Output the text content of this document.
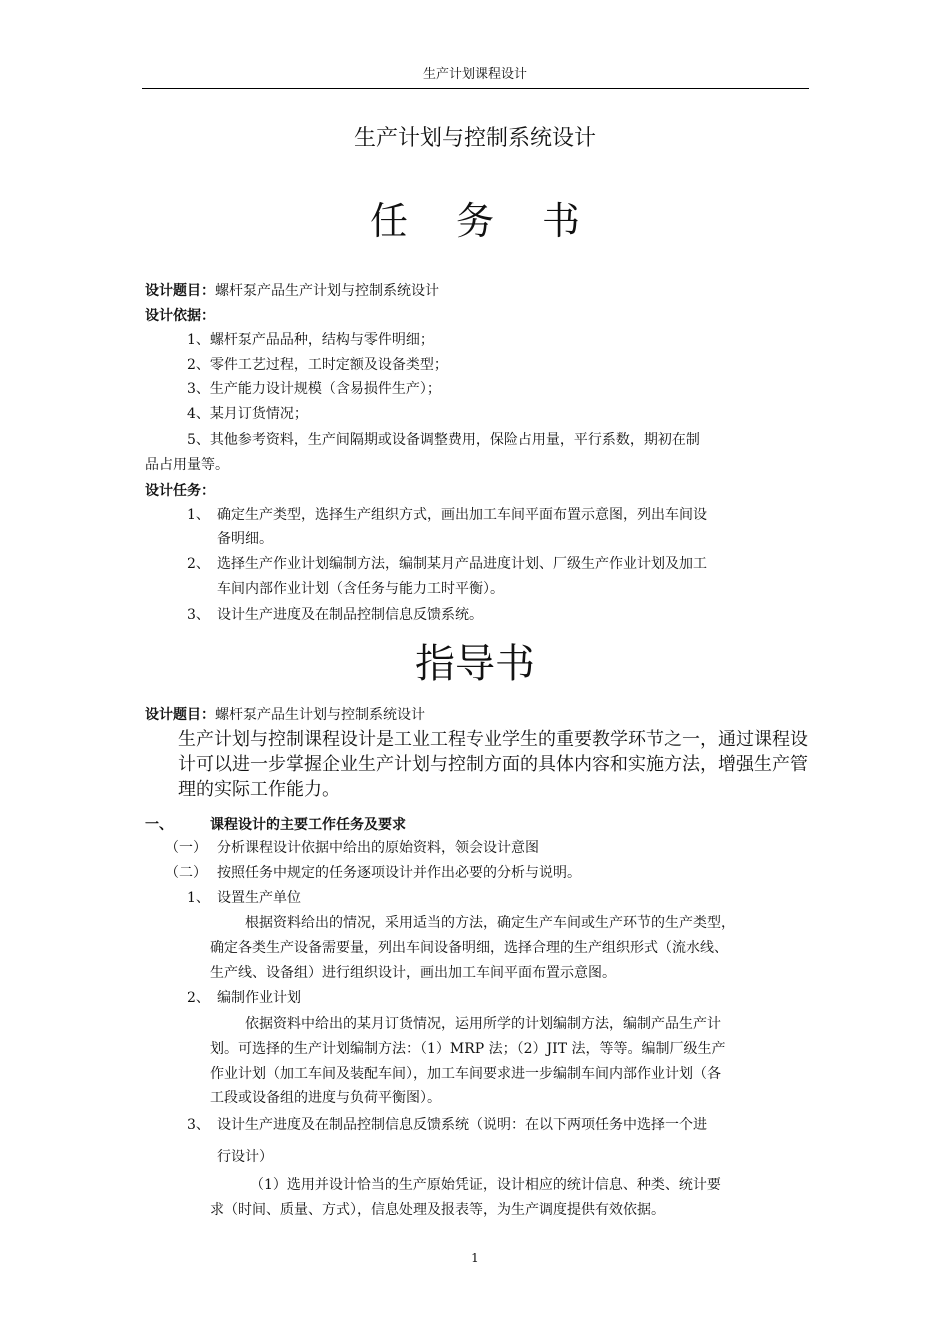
生产计划课程设计
生产计划与控制系统设计
任务书
设计题目：螺杆泵产品生产计划与控制系统设计
设计依据：
1、螺杆泵产品品种，结构与零件明细；
2、零件工艺过程，工时定额及设备类型；
3、生产能力设计规模（含易损件生产）；
4、某月订货情况；
5、其他参考资料，生产间隔期或设备调整费用，保险占用量，平行系数，期初在制
品占用量等。
设计任务：
1、 确定生产类型，选择生产组织方式，画出加工车间平面布置示意图，列出车间设
备明细。
2、 选择生产作业计划编制方法，编制某月产品进度计划、厂级生产作业计划及加工
车间内部作业计划（含任务与能力工时平衡）。
3、 设计生产进度及在制品控制信息反馈系统。
指导书
设计题目：螺杆泵产品生计划与控制系统设计
生产计划与控制课程设计是工业工程专业学生的重要教学环节之一，通过课程设计可以进一步掌握企业生产计划与控制方面的具体内容和实施方法，增强生产管理的实际工作能力。
一、	课程设计的主要工作任务及要求
（一） 分析课程设计依据中给出的原始资料，领会设计意图
（二） 按照任务中规定的任务逐项设计并作出必要的分析与说明。
1、 设置生产单位
根据资料给出的情况，采用适当的方法，确定生产车间或生产环节的生产类型，
确定各类生产设备需要量，列出车间设备明细，选择合理的生产组织形式（流水线、
生产线、设备组）进行组织设计，画出加工车间平面布置示意图。
2、 编制作业计划
依据资料中给出的某月订货情况，运用所学的计划编制方法，编制产品生产计
划。可选择的生产计划编制方法：（1）MRP 法；（2）JIT 法，等等。编制厂级生产
作业计划（加工车间及装配车间），加工车间要求进一步编制车间内部作业计划（各
工段或设备组的进度与负荷平衡图）。
3、 设计生产进度及在制品控制信息反馈系统（说明：在以下两项任务中选择一个进
行设计）
（1）选用并设计恰当的生产原始凭证，设计相应的统计信息、种类、统计要
求（时间、质量、方式），信息处理及报表等，为生产调度提供有效依据。
1
